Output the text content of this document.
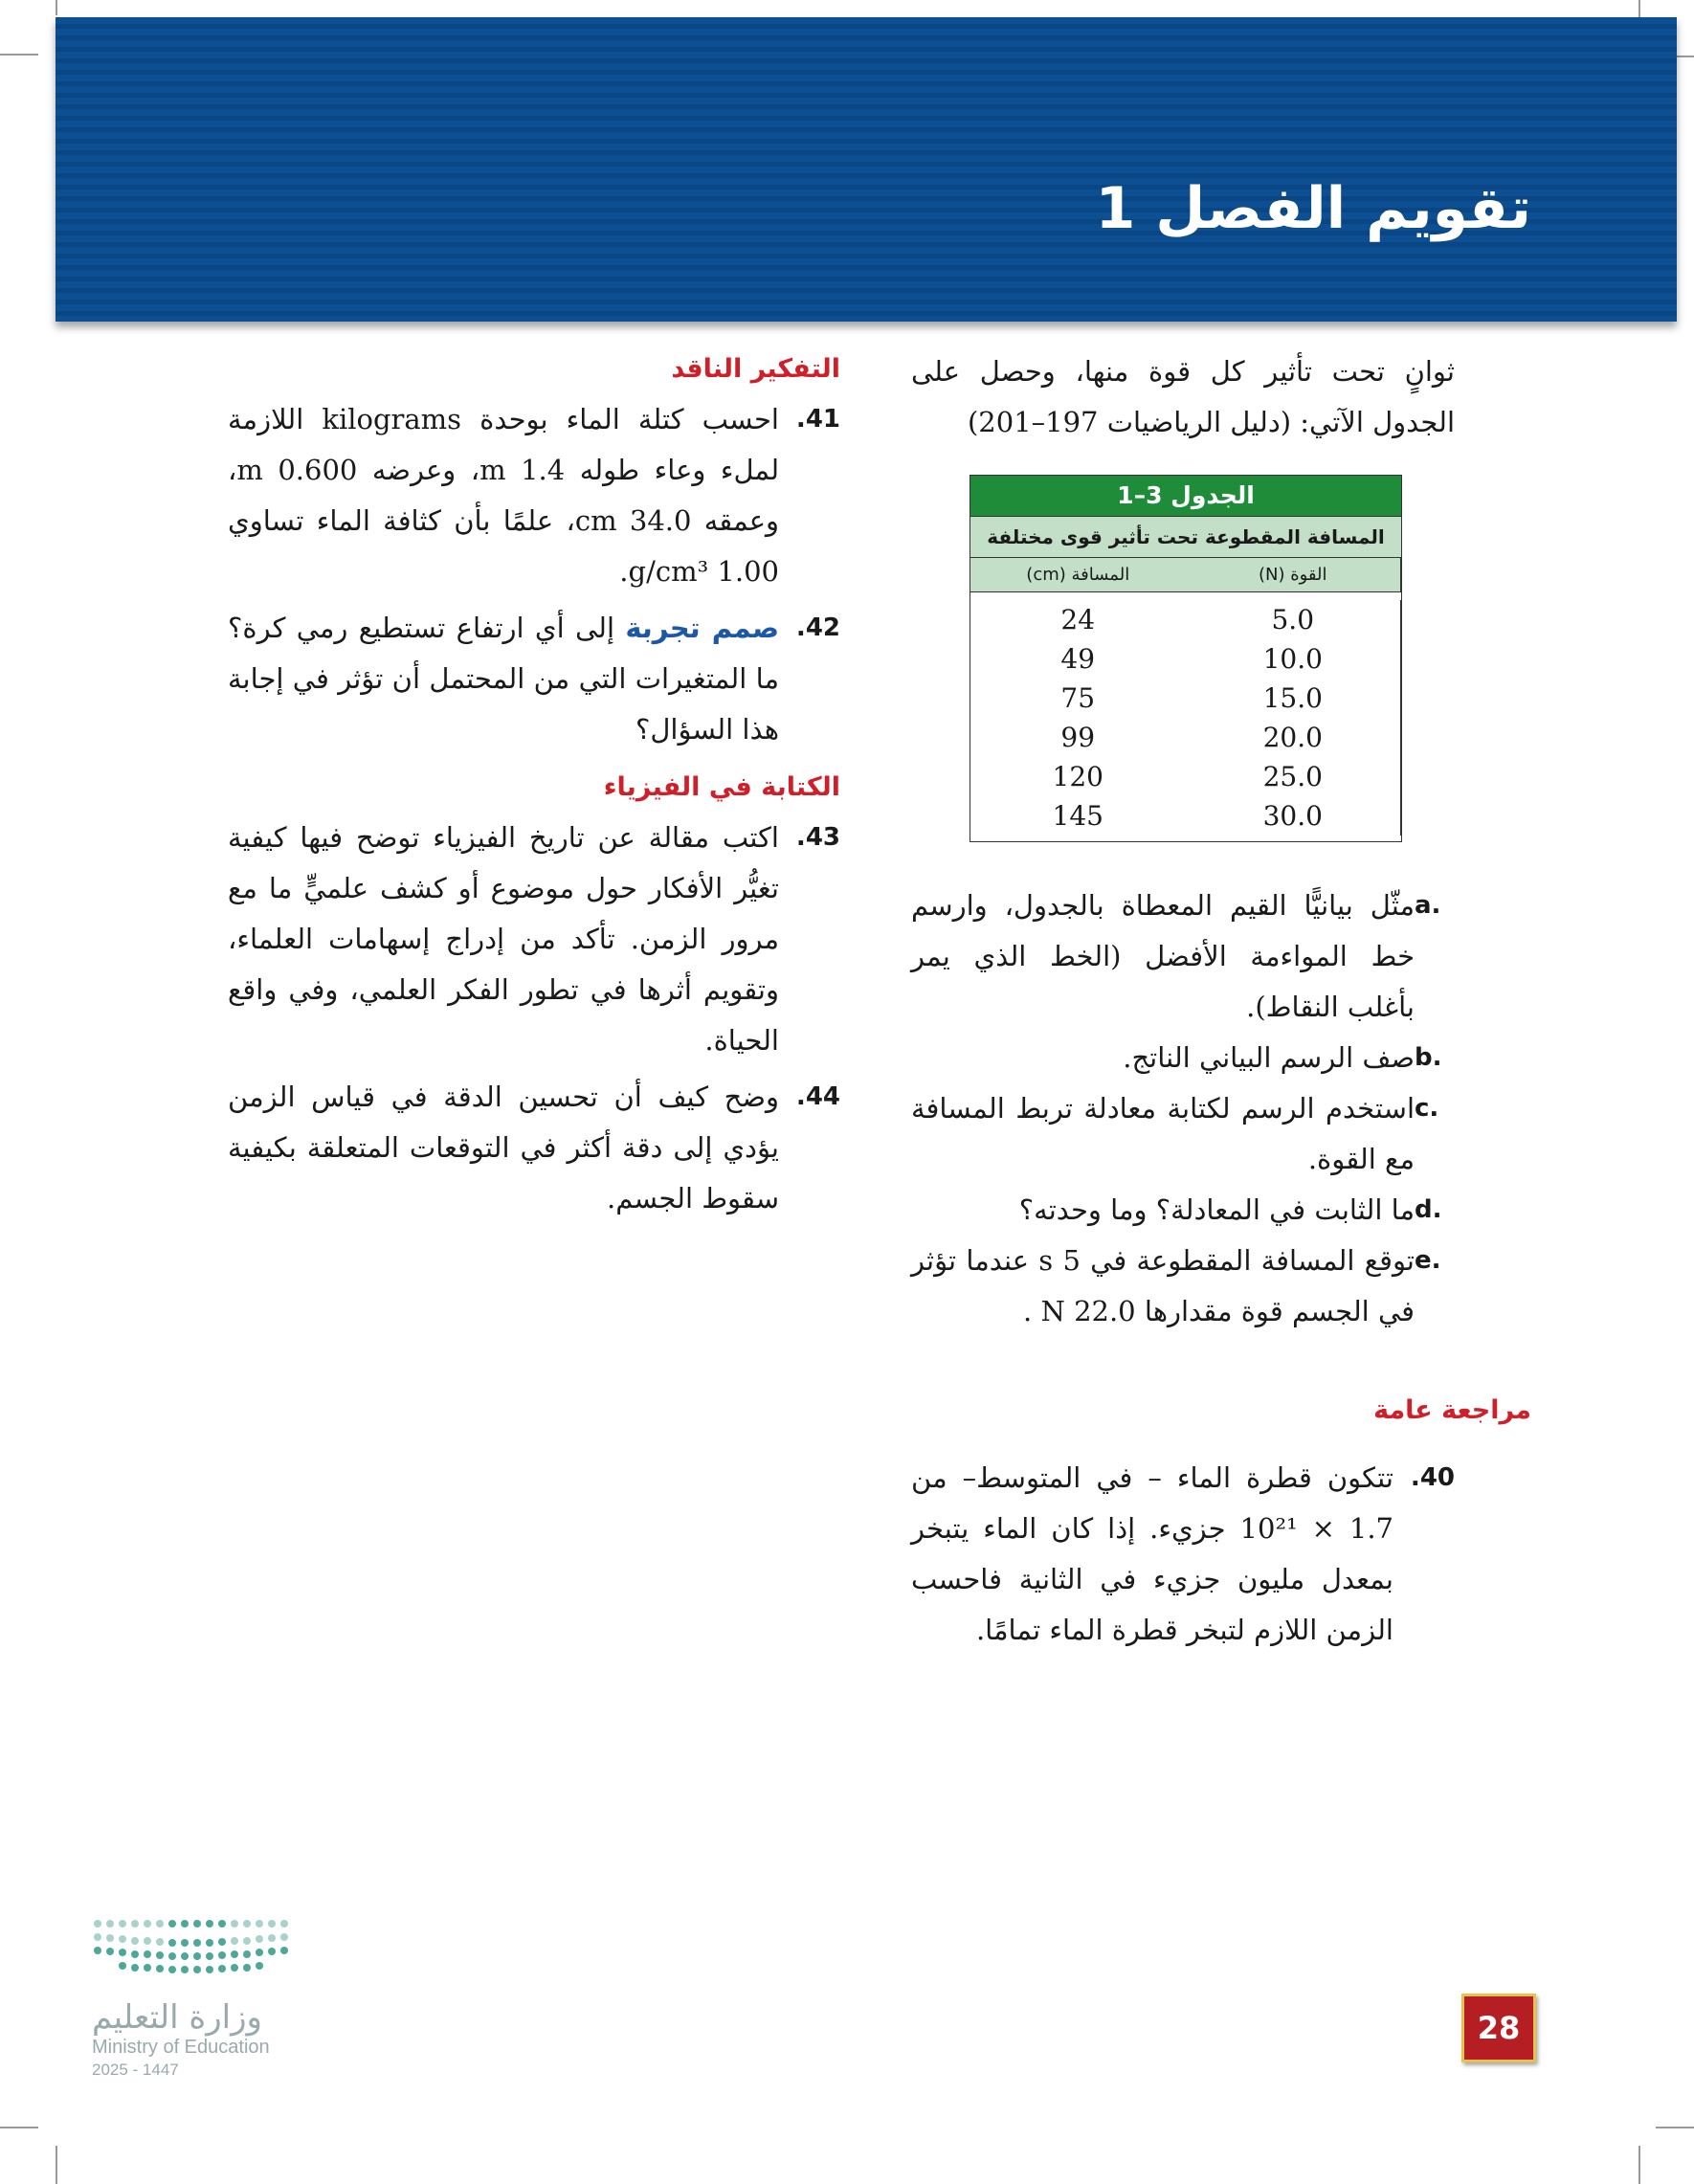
تقويم الفصل 1

ثوانٍ تحت تأثير كل قوة منها، وحصل على الجدول الآتي: (دليل الرياضيات 197–201)

الجدول 3–1
المسافة المقطوعة تحت تأثير قوى مختلفة
المسافة (cm)	القوة (N)
24
49
75
99
120
145
5.0
10.0
15.0
20.0
25.0
30.0
a.
مثّل بيانيًّا القيم المعطاة بالجدول، وارسم خط المواءمة الأفضل (الخط الذي يمر بأغلب النقاط).
b.
صف الرسم البياني الناتج.
c.
استخدم الرسم لكتابة معادلة تربط المسافة مع القوة.
d.
ما الثابت في المعادلة؟ وما وحدته؟
e.
توقع المسافة المقطوعة في 5 s عندما تؤثر في الجسم قوة مقدارها 22.0 N .
مراجعة عامة
40.
تتكون قطرة الماء – في المتوسط– من 1.7 × 10²¹ جزيء. إذا كان الماء يتبخر بمعدل مليون جزيء في الثانية فاحسب الزمن اللازم لتبخر قطرة الماء تمامًا.
التفكير الناقد
41.
احسب كتلة الماء بوحدة kilograms اللازمة لملء وعاء طوله 1.4 m، وعرضه 0.600 m، وعمقه 34.0 cm، علمًا بأن كثافة الماء تساوي 1.00 g/cm³.
42.
صمم تجربة إلى أي ارتفاع تستطيع رمي كرة؟ ما المتغيرات التي من المحتمل أن تؤثر في إجابة هذا السؤال؟
الكتابة في الفيزياء
43.
اكتب مقالة عن تاريخ الفيزياء توضح فيها كيفية تغيُّر الأفكار حول موضوع أو كشف علميٍّ ما مع مرور الزمن. تأكد من إدراج إسهامات العلماء، وتقويم أثرها في تطور الفكر العلمي، وفي واقع الحياة.
44.
وضح كيف أن تحسين الدقة في قياس الزمن يؤدي إلى دقة أكثر في التوقعات المتعلقة بكيفية سقوط الجسم.
وزارة التعليم
Ministry of Education
2025 - 1447
28
